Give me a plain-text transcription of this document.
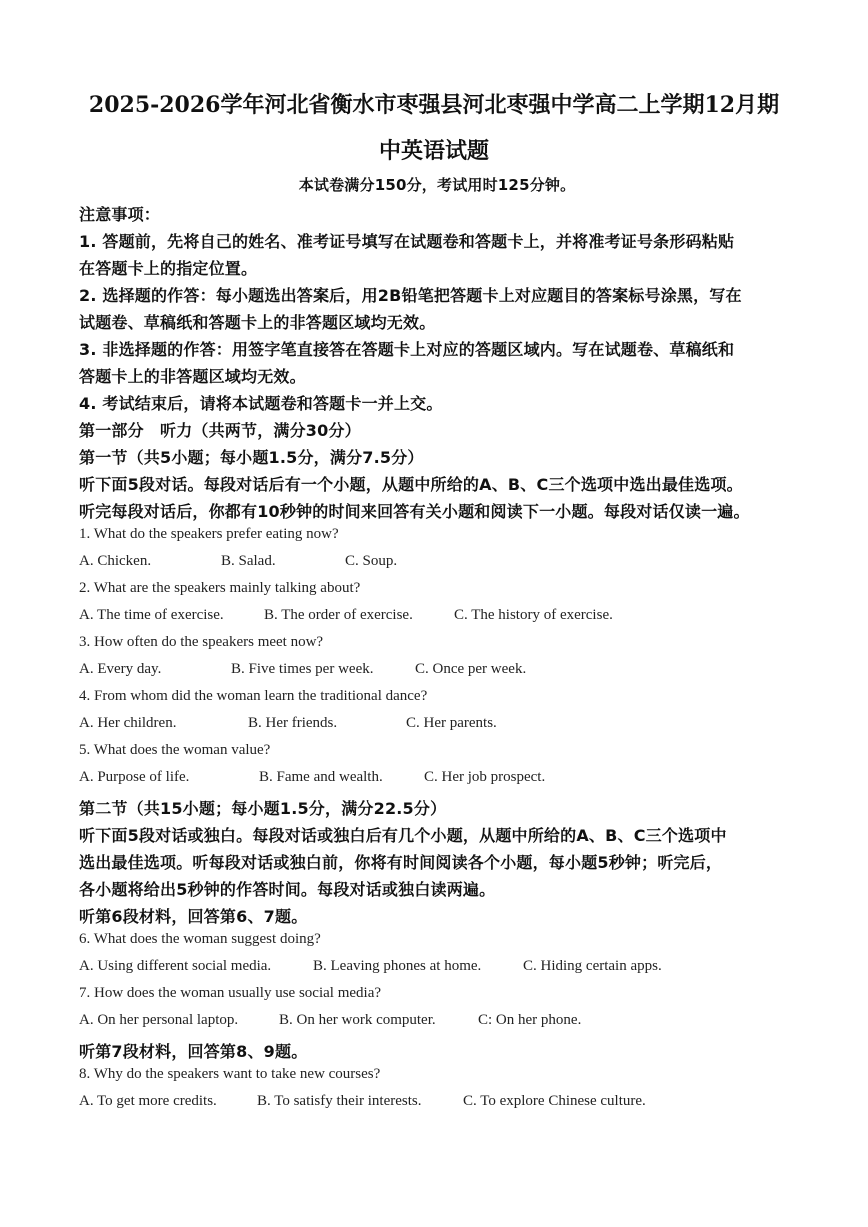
2025-2026学年河北省衡水市枣强县河北枣强中学高二上学期12月期
中英语试题
本试卷满分150分，考试用时125分钟。
注意事项：
1. 答题前，先将自己的姓名、准考证号填写在试题卷和答题卡上，并将准考证号条形码粘贴
在答题卡上的指定位置。
2. 选择题的作答：每小题选出答案后，用2B铅笔把答题卡上对应题目的答案标号涂黑，写在
试题卷、草稿纸和答题卡上的非答题区域均无效。
3. 非选择题的作答：用签字笔直接答在答题卡上对应的答题区域内。写在试题卷、草稿纸和
答题卡上的非答题区域均无效。
4. 考试结束后，请将本试题卷和答题卡一并上交。
第一部分　听力（共两节，满分30分）
第一节（共5小题；每小题1.5分，满分7.5分）
听下面5段对话。每段对话后有一个小题，从题中所给的A、B、C三个选项中选出最佳选项。
听完每段对话后，你都有10秒钟的时间来回答有关小题和阅读下一小题。每段对话仅读一遍。
1. What do the speakers prefer eating now?
A. Chicken.	B. Salad.	C. Soup.
2. What are the speakers mainly talking about?
A. The time of exercise.	B. The order of exercise.	C. The history of exercise.
3. How often do the speakers meet now?
A. Every day.	B. Five times per week.	C. Once per week.
4. From whom did the woman learn the traditional dance?
A. Her children.	B. Her friends.	C. Her parents.
5. What does the woman value?
A. Purpose of life.	B. Fame and wealth.	C. Her job prospect.
第二节（共15小题；每小题1.5分，满分22.5分）
听下面5段对话或独白。每段对话或独白后有几个小题，从题中所给的A、B、C三个选项中
选出最佳选项。听每段对话或独白前，你将有时间阅读各个小题，每小题5秒钟；听完后，
各小题将给出5秒钟的作答时间。每段对话或独白读两遍。
听第6段材料，回答第6、7题。
6. What does the woman suggest doing?
A. Using different social media.	B. Leaving phones at home.	C. Hiding certain apps.
7. How does the woman usually use social media?
A. On her personal laptop.	B. On her work computer.	C: On her phone.
听第7段材料，回答第8、9题。
8. Why do the speakers want to take new courses?
A. To get more credits.	B. To satisfy their interests.	C. To explore Chinese culture.
